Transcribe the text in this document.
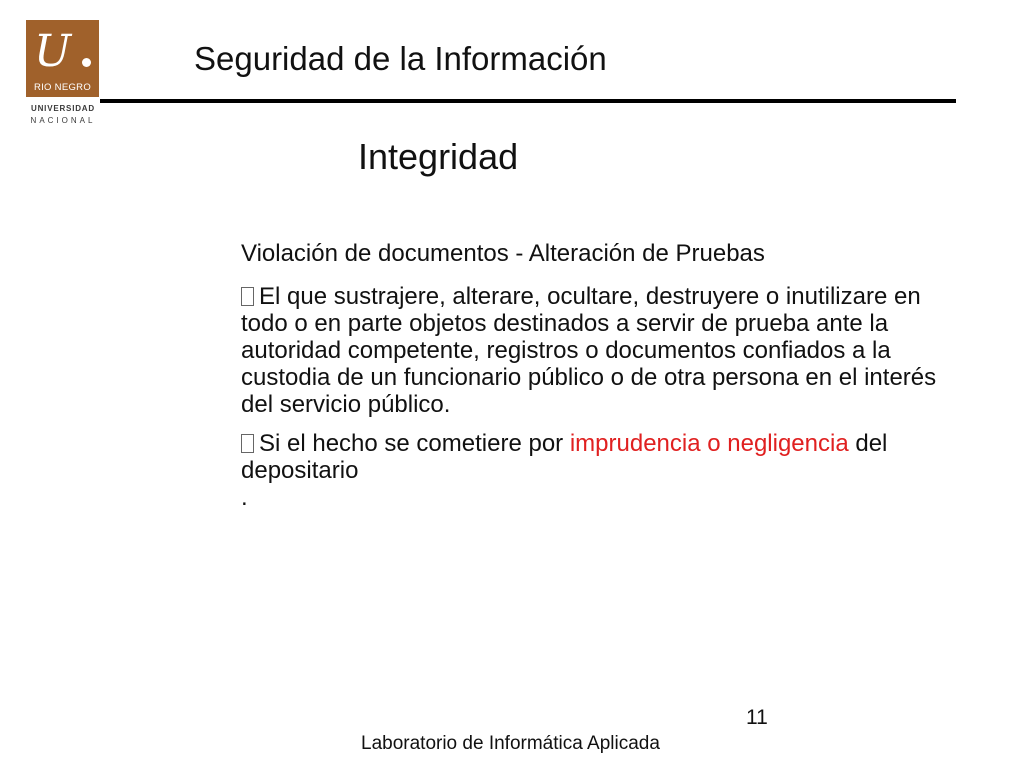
U
RIO NEGRO
UNIVERSIDAD
NACIONAL
Seguridad de la Información
Integridad

Violación de documentos - Alteración de Pruebas

El que sustrajere, alterare, ocultare, destruyere o inutilizare en todo o en parte objetos destinados a servir de prueba ante la autoridad competente, registros o documentos confiados a la custodia de un funcionario público o de otra persona en el interés del servicio público.

Si el hecho se cometiere por imprudencia o negligencia del depositario
.

11
Laboratorio de Informática Aplicada
